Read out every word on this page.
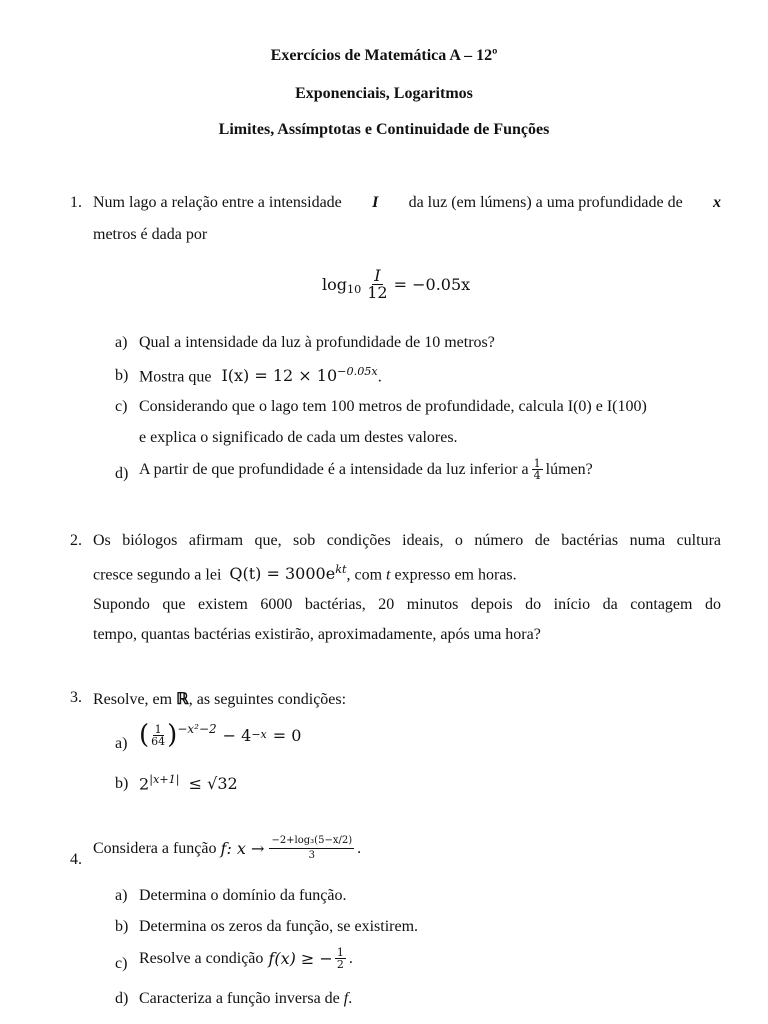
Exercícios de Matemática A – 12º
Exponenciais, Logaritmos
Limites, Assímptotas e Continuidade de Funções
1. Num lago a relação entre a intensidade I da luz (em lúmens) a uma profundidade de x
metros é dada por
$\log_{10} \frac{I}{12} = -0.05x$
a) Qual a intensidade da luz à profundidade de 10 metros?
b) Mostra que $I(x) = 12 \times 10^{-0.05x}$.
c) Considerando que o lago tem 100 metros de profundidade, calcula I(0) e I(100)
e explica o significado de cada um destes valores.
d) A partir de que profundidade é a intensidade da luz inferior a $\frac{1}{4}$ lúmen?
2. Os biólogos afirmam que, sob condições ideais, o número de bactérias numa cultura
cresce segundo a lei $Q(t) = 3000e^{kt}$, com t expresso em horas.
Supondo que existem 6000 bactérias, 20 minutos depois do início da contagem do
tempo, quantas bactérias existirão, aproximadamente, após uma hora?
3. Resolve, em ℝ, as seguintes condições:
a) ( $\frac{1}{64} )^{-x^2-2} - 4 -x = 0$
b) $2^{|x+1|} \le √32$
4.
Considera a função f: $x \to \frac{\text{−2+log₃(5−x/2)}}{3}$ .
a) Determina o domínio da função.
b) Determina os zeros da função, se existirem.
c) Resolve a condição f(x) ≥ − $\frac{1}{2}$ .
d) Caracteriza a função inversa de f.
